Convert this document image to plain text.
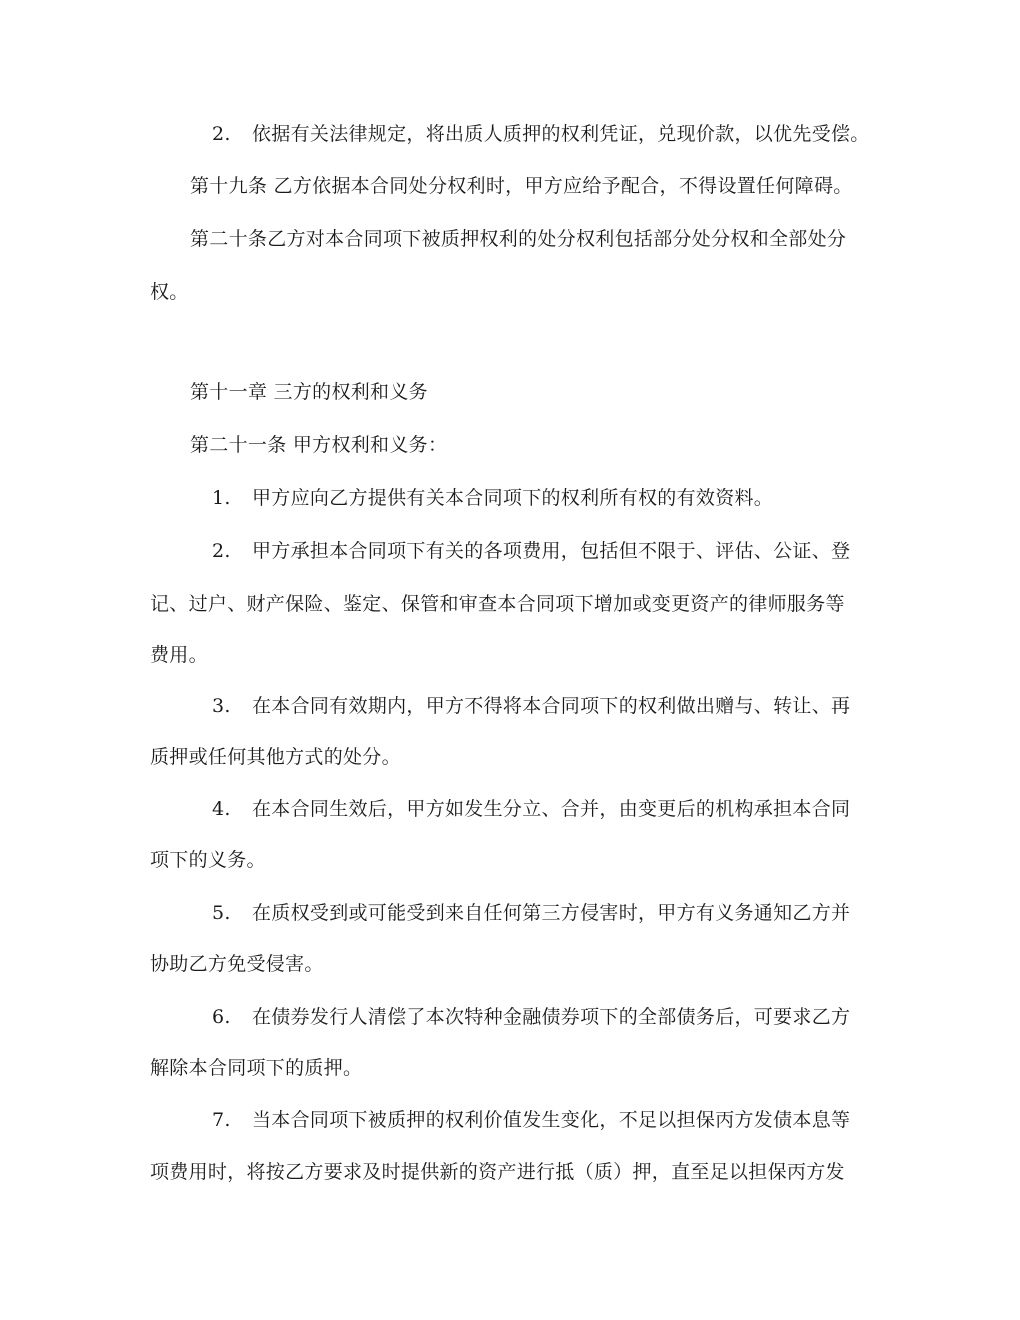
2. 依据有关法律规定，将出质人质押的权利凭证，兑现价款，以优先受偿。
第十九条 乙方依据本合同处分权利时，甲方应给予配合，不得设置任何障碍。
第二十条乙方对本合同项下被质押权利的处分权利包括部分处分权和全部处分
权。
第十一章 三方的权利和义务
第二十一条 甲方权利和义务：
1. 甲方应向乙方提供有关本合同项下的权利所有权的有效资料。
2. 甲方承担本合同项下有关的各项费用，包括但不限于、评估、公证、登
记、过户、财产保险、鉴定、保管和审查本合同项下增加或变更资产的律师服务等
费用。
3. 在本合同有效期内，甲方不得将本合同项下的权利做出赠与、转让、再
质押或任何其他方式的处分。
4. 在本合同生效后，甲方如发生分立、合并，由变更后的机构承担本合同
项下的义务。
5. 在质权受到或可能受到来自任何第三方侵害时，甲方有义务通知乙方并
协助乙方免受侵害。
6. 在债券发行人清偿了本次特种金融债券项下的全部债务后，可要求乙方
解除本合同项下的质押。
7. 当本合同项下被质押的权利价值发生变化，不足以担保丙方发债本息等
项费用时，将按乙方要求及时提供新的资产进行抵（质）押，直至足以担保丙方发
